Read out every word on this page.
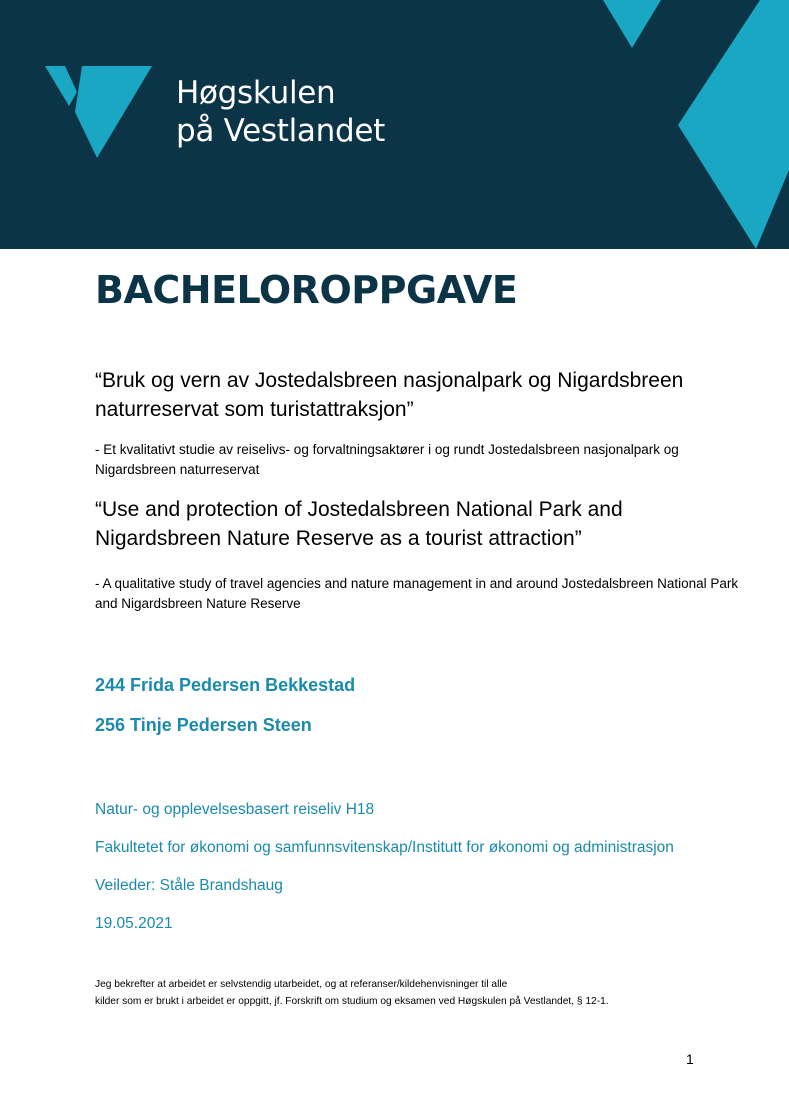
Høgskulen
på Vestlandet
BACHELOROPPGAVE
“Bruk og vern av Jostedalsbreen nasjonalpark og Nigardsbreen naturreservat som turistattraksjon”
- Et kvalitativt studie av reiselivs- og forvaltningsaktører i og rundt Jostedalsbreen nasjonalpark og Nigardsbreen naturreservat
“Use and protection of Jostedalsbreen National Park and Nigardsbreen Nature Reserve as a tourist attraction”
- A qualitative study of travel agencies and nature management in and around Jostedalsbreen National Park and Nigardsbreen Nature Reserve
244 Frida Pedersen Bekkestad
256 Tinje Pedersen Steen
Natur- og opplevelsesbasert reiseliv H18
Fakultetet for økonomi og samfunnsvitenskap/Institutt for økonomi og administrasjon
Veileder: Ståle Brandshaug
19.05.2021
Jeg bekrefter at arbeidet er selvstendig utarbeidet, og at referanser/kildehenvisninger til alle
kilder som er brukt i arbeidet er oppgitt, jf. Forskrift om studium og eksamen ved Høgskulen på Vestlandet, § 12-1.
1
